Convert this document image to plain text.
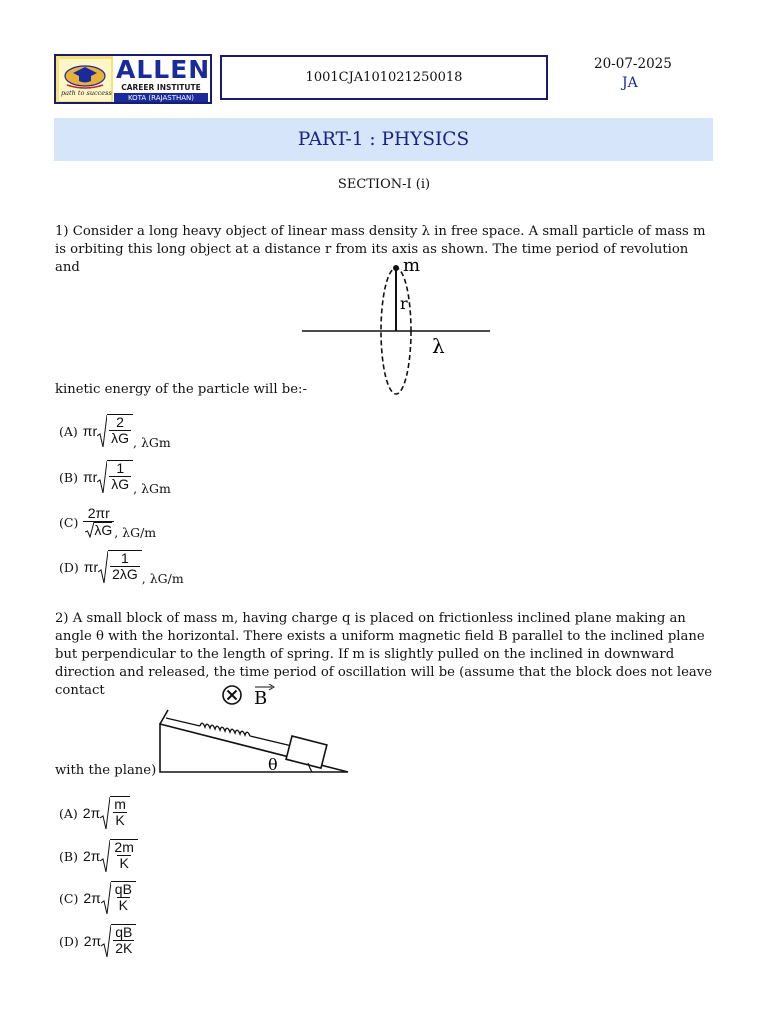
path to success
ALLEN
CAREER INSTITUTE
KOTA (RAJASTHAN)
1001CJA101021250018
20-07-2025
JA
PART-1 : PHYSICS
SECTION-I (i)
1) Consider a long heavy object of linear mass density λ in free space. A small particle of mass m is orbiting this long object at a distance r from its axis as shown. The time period of revolution and	m
r
λ
kinetic energy of the particle will be:-
(A) πr $\frac{2}{\lambda G}$ , λGm
(B) πr $\frac{1}{\lambda G}$ , λGm
$(C) \frac{2\pi r}{\lambda G}$ , λG/m
(D) πr $\frac{1}{2\lambda G}$ , λG/m
2) A small block of mass m, having charge q is placed on frictionless inclined plane making an angle θ with the horizontal. There exists a uniform magnetic field B parallel to the inclined plane but perpendicular to the length of spring. If m is slightly pulled on the inclined in downward direction and released, the time period of oscillation will be (assume that the block does not leave contact	B
θ
with the plane)
(A) $2\pi \frac{m}{K}$
(B) $2\pi \frac{2m}{K}$
(C) $2\pi \frac{qB}{K}$
(D) $2\pi \frac{qB}{2K}$
